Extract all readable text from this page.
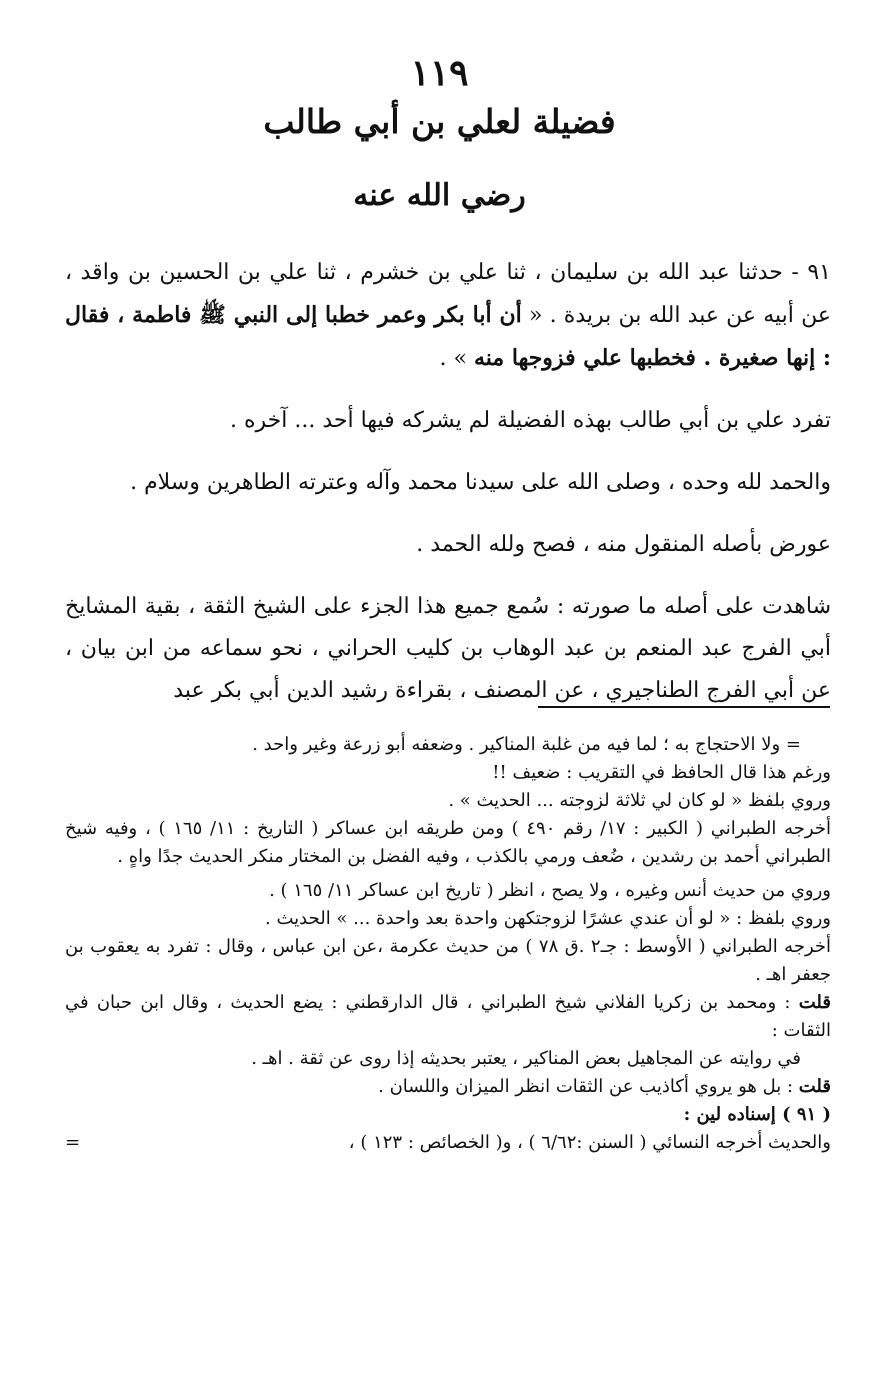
١١٩
فضيلة لعلي بن أبي طالب
رضي الله عنه

٩١ - حدثنا عبد الله بن سليمان ، ثنا علي بن خشرم ، ثنا علي بن الحسين بن واقد ، عن أبيه عن عبد الله بن بريدة . « أن أبا بكر وعمر خطبا إلى النبي ﷺ فاطمة ، فقال : إنها صغيرة . فخطبها علي فزوجها منه » .

تفرد علي بن أبي طالب بهذه الفضيلة لم يشركه فيها أحد ... آخره .

والحمد لله وحده ، وصلى الله على سيدنا محمد وآله وعترته الطاهرين وسلام .

عورض بأصله المنقول منه ، فصح ولله الحمد .

شاهدت على أصله ما صورته : سُمع جميع هذا الجزء على الشيخ الثقة ، بقية المشايخ أبي الفرج عبد المنعم بن عبد الوهاب بن كليب الحراني ، نحو سماعه من ابن بيان ، عن أبي الفرج الطناجيري ، عن المصنف ، بقراءة رشيد الدين أبي بكر عبد

= ولا الاحتجاج به ؛ لما فيه من غلبة المناكير . وضعفه أبو زرعة وغير واحد .

ورغم هذا قال الحافظ في التقريب : ضعيف !!

وروي بلفظ « لو كان لي ثلاثة لزوجته ... الحديث » .

أخرجه الطبراني ( الكبير : ١٧/ رقم ٤٩٠ ) ومن طريقه ابن عساكر ( التاريخ : ١١/ ١٦٥ ) ، وفيه شيخ الطبراني أحمد بن رشدين ، ضُعف ورمي بالكذب ، وفيه الفضل بن المختار منكر الحديث جدًا واهٍ .

وروي من حديث أنس وغيره ، ولا يصح ، انظر ( تاريخ ابن عساكر ١١/ ١٦٥ ) .

وروي بلفظ : « لو أن عندي عشرًا لزوجتكهن واحدة بعد واحدة ... » الحديث .

أخرجه الطبراني ( الأوسط : جـ٢ .ق ٧٨ ) من حديث عكرمة ،عن ابن عباس ، وقال : تفرد به يعقوب بن جعفر اهـ .

قلت : ومحمد بن زكريا الفلاني شيخ الطبراني ، قال الدارقطني : يضع الحديث ، وقال ابن حبان في الثقات :

في روايته عن المجاهيل بعض المناكير ، يعتبر بحديثه إذا روى عن ثقة . اهـ .

قلت : بل هو يروي أكاذيب عن الثقات انظر الميزان واللسان .

( ٩١ ) إسناده لين :

والحديث أخرجه النسائي ( السنن :٦/٦٢ ) ، و( الخصائص : ١٢٣ ) ،
=
